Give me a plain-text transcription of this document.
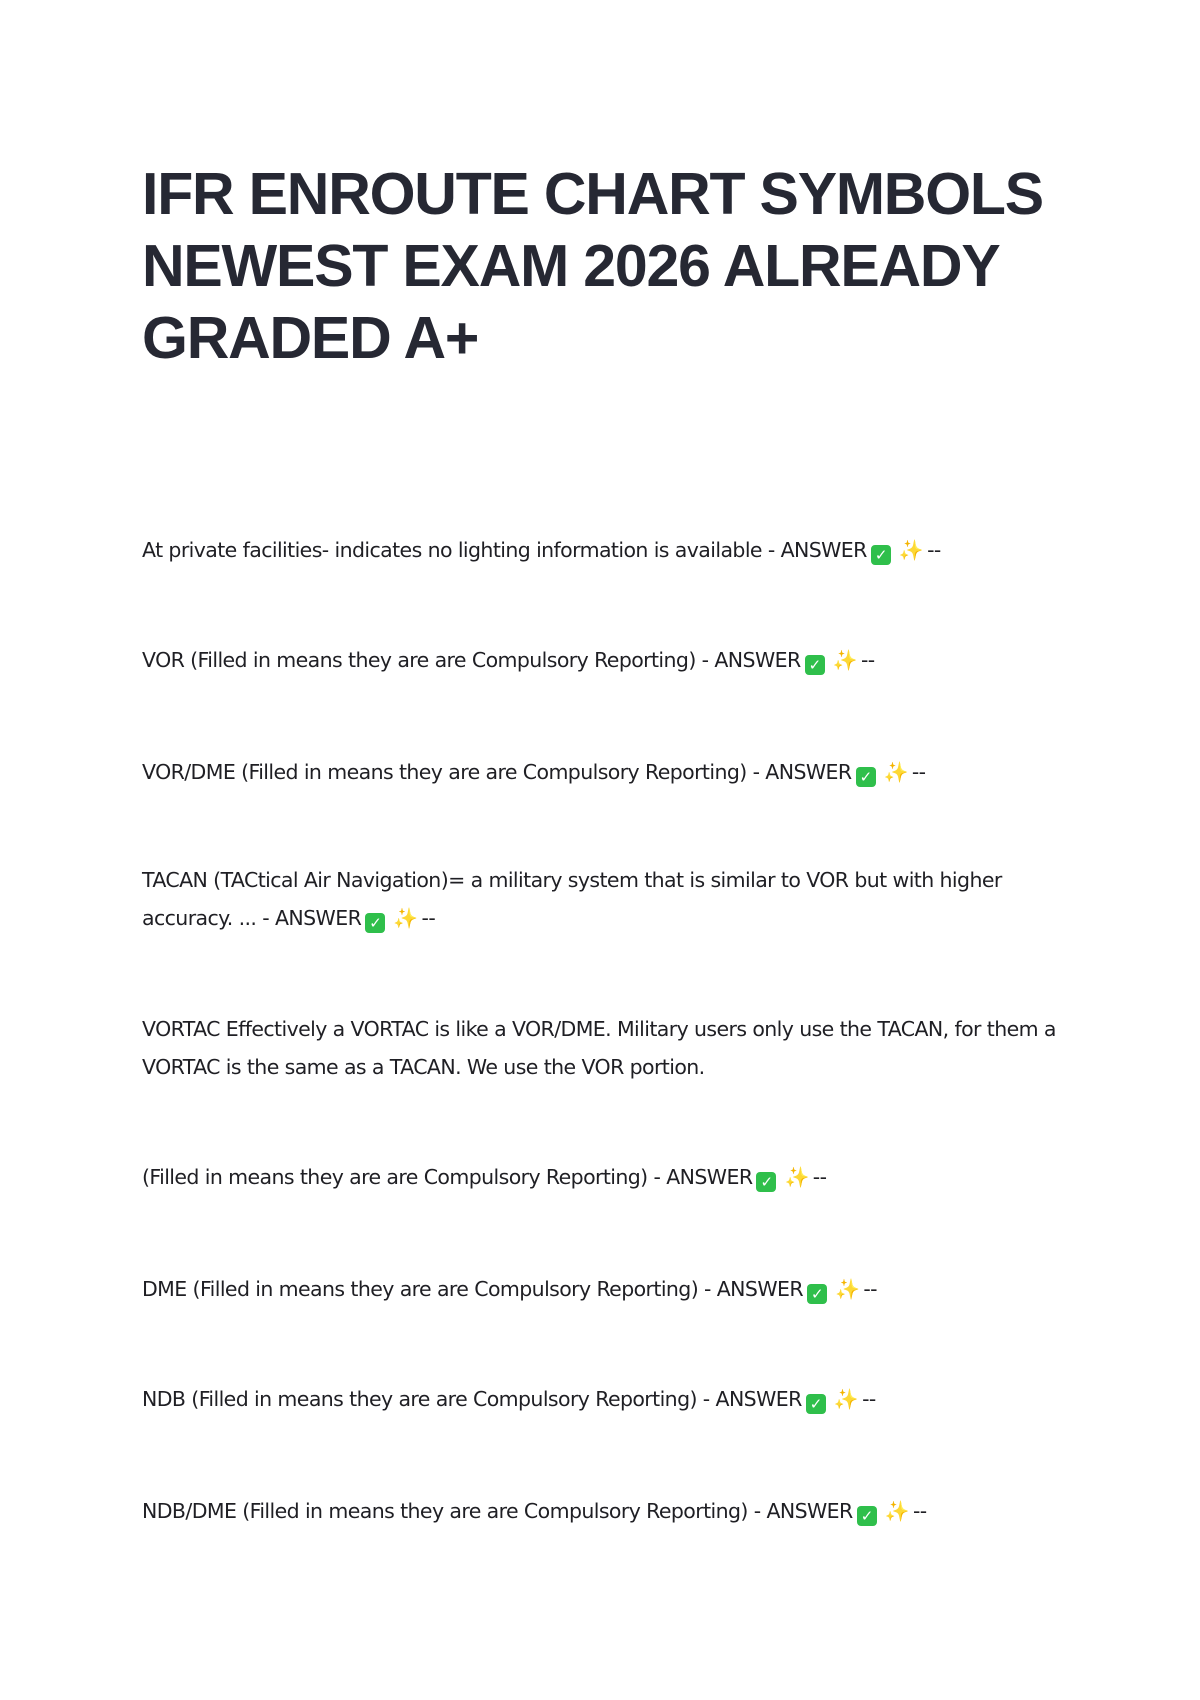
IFR ENROUTE CHART SYMBOLS
NEWEST EXAM 2026 ALREADY
GRADED A+

At private facilities- indicates no lighting information is available - ANSWER ✓ ✨ --

VOR (Filled in means they are are Compulsory Reporting) - ANSWER ✓ ✨ --

VOR/DME (Filled in means they are are Compulsory Reporting) - ANSWER ✓ ✨ --

TACAN (TACtical Air Navigation)= a military system that is similar to VOR but with higher
accuracy. ... - ANSWER ✓ ✨ --

VORTAC Effectively a VORTAC is like a VOR/DME. Military users only use the TACAN, for them a
VORTAC is the same as a TACAN. We use the VOR portion.

(Filled in means they are are Compulsory Reporting) - ANSWER ✓ ✨ --

DME (Filled in means they are are Compulsory Reporting) - ANSWER ✓ ✨ --

NDB (Filled in means they are are Compulsory Reporting) - ANSWER ✓ ✨ --

NDB/DME (Filled in means they are are Compulsory Reporting) - ANSWER ✓ ✨ --
